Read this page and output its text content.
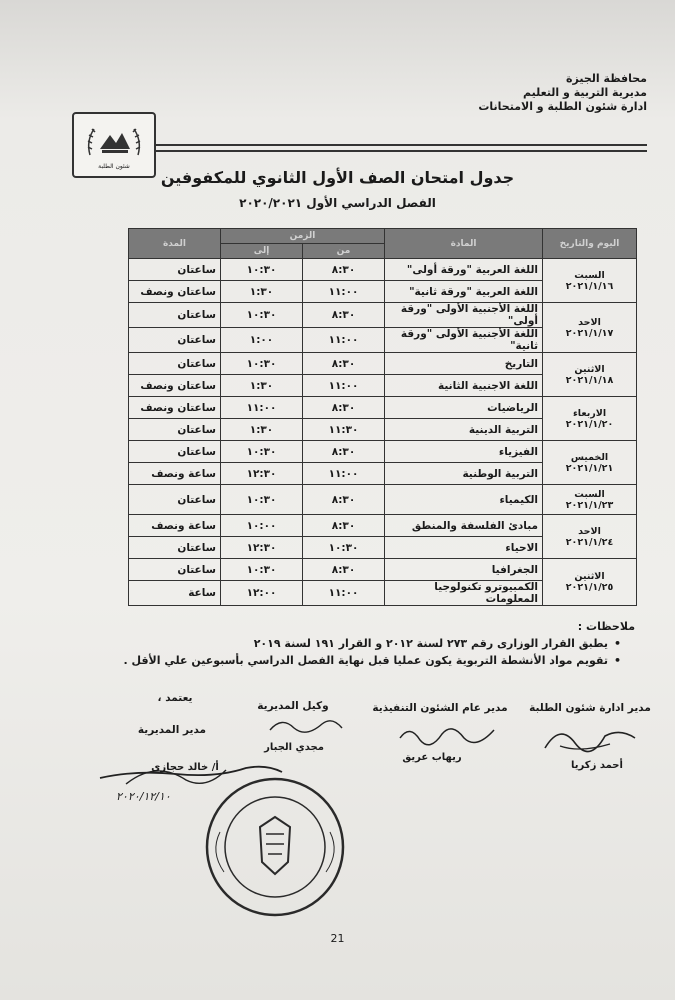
محافظة الجيزة
مديرية التربية و التعليم
ادارة شئون الطلبة و الامتحانات
شئون الطلبة
جدول امتحان الصف الأول الثانوي للمكفوفين
الفصل الدراسي الأول ٢٠٢٠/٢٠٢١
اليوم والتاريخ	المادة	الزمن		المدة
		من	إلى	

السبت
٢٠٢١/١/١٦	اللغة العربية "ورقة أولى"	٨:٣٠	١٠:٣٠	ساعتان
	اللغة العربية "ورقة ثانية"	١١:٠٠	١:٣٠	ساعتان ونصف

الاحد
٢٠٢١/١/١٧	اللغة الأجنبية الأولى "ورقة أولى"	٨:٣٠	١٠:٣٠	ساعتان
	اللغة الأجنبية الأولى "ورقة ثانية"	١١:٠٠	١:٠٠	ساعتان

الاثنين
٢٠٢١/١/١٨	التاريخ	٨:٣٠	١٠:٣٠	ساعتان
	اللغة الاجنبية الثانية	١١:٠٠	١:٣٠	ساعتان ونصف

الاربعاء
٢٠٢١/١/٢٠	الرياضيات	٨:٣٠	١١:٠٠	ساعتان ونصف
	التربية الدينية	١١:٣٠	١:٣٠	ساعتان

الخميس
٢٠٢١/١/٢١	الفيزياء	٨:٣٠	١٠:٣٠	ساعتان
	التربية الوطنية	١١:٠٠	١٢:٣٠	ساعة ونصف

السبت
٢٠٢١/١/٢٣	الكيمياء	٨:٣٠	١٠:٣٠	ساعتان

الاحد
٢٠٢١/١/٢٤	مبادئ الفلسفة والمنطق	٨:٣٠	١٠:٠٠	ساعة ونصف
	الاحياء	١٠:٣٠	١٢:٣٠	ساعتان

الاثنين
٢٠٢١/١/٢٥	الجغرافيا	٨:٣٠	١٠:٣٠	ساعتان
	الكمبيوترو تكنولوجيا المعلومات	١١:٠٠	١٢:٠٠	ساعة
ملاحظات :
• يطبق القرار الوزارى رقم ٢٧٣ لسنة ٢٠١٢ و القرار ١٩١ لسنة ٢٠١٩
• تقويم مواد الأنشطة التربوية يكون عمليا قبل نهاية الفصل الدراسي بأسبوعين علي الأقل .
مدير ادارة شئون الطلبة
أحمد زكريا
مدير عام الشئون التنفيذية
ريهاب عريق
وكيل المديرية
مجدي الجبار
يعتمد ،
مدير المديرية
أ/ خالد حجازى
٢٠٢٠/١٢/١٠
21
